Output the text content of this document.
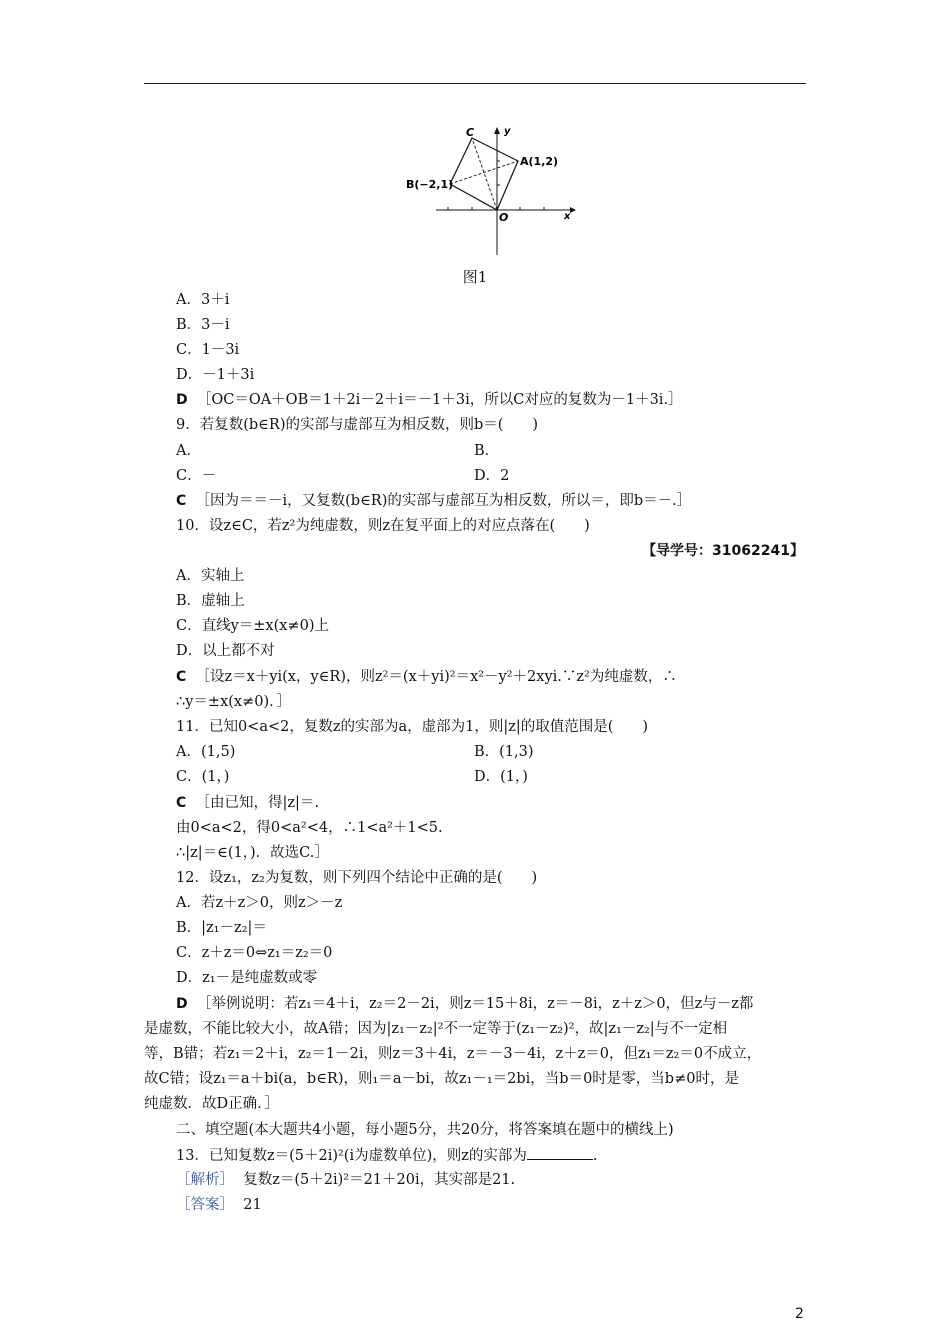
C	y
A(1,2)
B(−2,1)
O	x
图1
A．3＋i
B．3－i
C．1－3i
D．－1＋3i
D ［OC＝OA＋OB＝1＋2i－2＋i＝－1＋3i，所以C对应的复数为－1＋3i.］
9．若复数(b∈R)的实部与虚部互为相反数，则b＝(　　)
A．	B．
C．－	D．2
C ［因为＝＝－i，又复数(b∈R)的实部与虚部互为相反数，所以＝，即b＝－.］
10．设z∈C，若z²为纯虚数，则z在复平面上的对应点落在(　　)
【导学号：31062241】
A．实轴上
B．虚轴上
C．直线y＝±x(x≠0)上
D．以上都不对
C ［设z＝x＋yi(x，y∈R)，则z²＝(x＋yi)²＝x²－y²＋2xyi.∵z²为纯虚数，∴
∴y＝±x(x≠0)．］
11．已知0<a<2，复数z的实部为a，虚部为1，则|z|的取值范围是(　　)
A．(1,5)	B．(1,3)
C．(1，)	D．(1，)
C ［由已知，得|z|＝.
由0<a<2，得0<a²<4，∴1<a²＋1<5.
∴|z|＝∈(1，)．故选C.］
12．设z₁，z₂为复数，则下列四个结论中正确的是(　　)
A．若z＋z＞0，则z＞－z
B．|z₁－z₂|＝
C．z＋z＝0⇔z₁＝z₂＝0
D．z₁－是纯虚数或零
D ［举例说明：若z₁＝4＋i，z₂＝2－2i，则z＝15＋8i，z＝－8i，z＋z＞0，但z与－z都
是虚数，不能比较大小，故A错；因为|z₁－z₂|²不一定等于(z₁－z₂)²，故|z₁－z₂|与不一定相
等，B错；若z₁＝2＋i，z₂＝1－2i，则z＝3＋4i，z＝－3－4i，z＋z＝0，但z₁＝z₂＝0不成立，
故C错；设z₁＝a＋bi(a，b∈R)，则₁＝a－bi，故z₁－₁＝2bi，当b＝0时是零，当b≠0时，是
纯虚数．故D正确．］
二、填空题(本大题共4小题，每小题5分，共20分，将答案填在题中的横线上)
13．已知复数z＝(5＋2i)²(i为虚数单位)，则z的实部为	.
［解析］ 复数z＝(5＋2i)²＝21＋20i，其实部是21.
［答案］ 21
2
